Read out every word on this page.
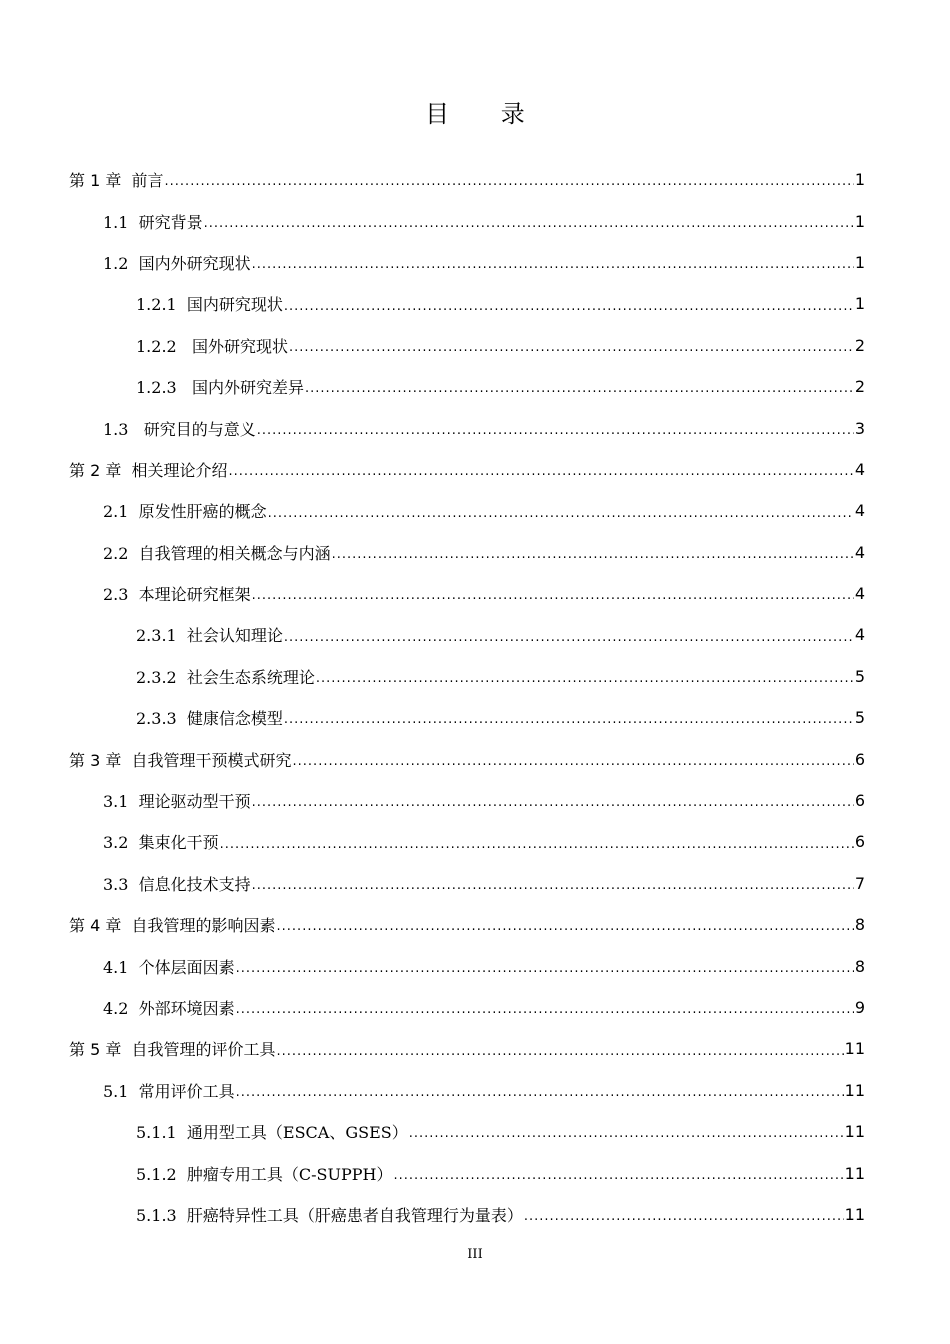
目 录
第 1 章  前言 .....	1
1.1  研究背景 .....	1
1.2  国内外研究现状 .....	1
1.2.1  国内研究现状 .....	1
1.2.2   国外研究现状 .....	2
1.2.3   国内外研究差异 .....	2
1.3   研究目的与意义 .....	3
第 2 章  相关理论介绍 .....	4
2.1  原发性肝癌的概念 .....	4
2.2  自我管理的相关概念与内涵 .....	4
2.3  本理论研究框架 .....	4
2.3.1  社会认知理论 .....	4
2.3.2  社会生态系统理论 .....	5
2.3.3  健康信念模型 .....	5
第 3 章  自我管理干预模式研究 .....	6
3.1  理论驱动型干预 .....	6
3.2  集束化干预 .....	6
3.3  信息化技术支持 .....	7
第 4 章  自我管理的影响因素 .....	8
4.1  个体层面因素 .....	8
4.2  外部环境因素 .....	9
第 5 章  自我管理的评价工具 .....	11
5.1  常用评价工具 .....	11
5.1.1  通用型工具（ESCA、GSES） .....	11
5.1.2  肿瘤专用工具（C-SUPPH） .....	11
5.1.3  肝癌特异性工具（肝癌患者自我管理行为量表） .....	11
III
